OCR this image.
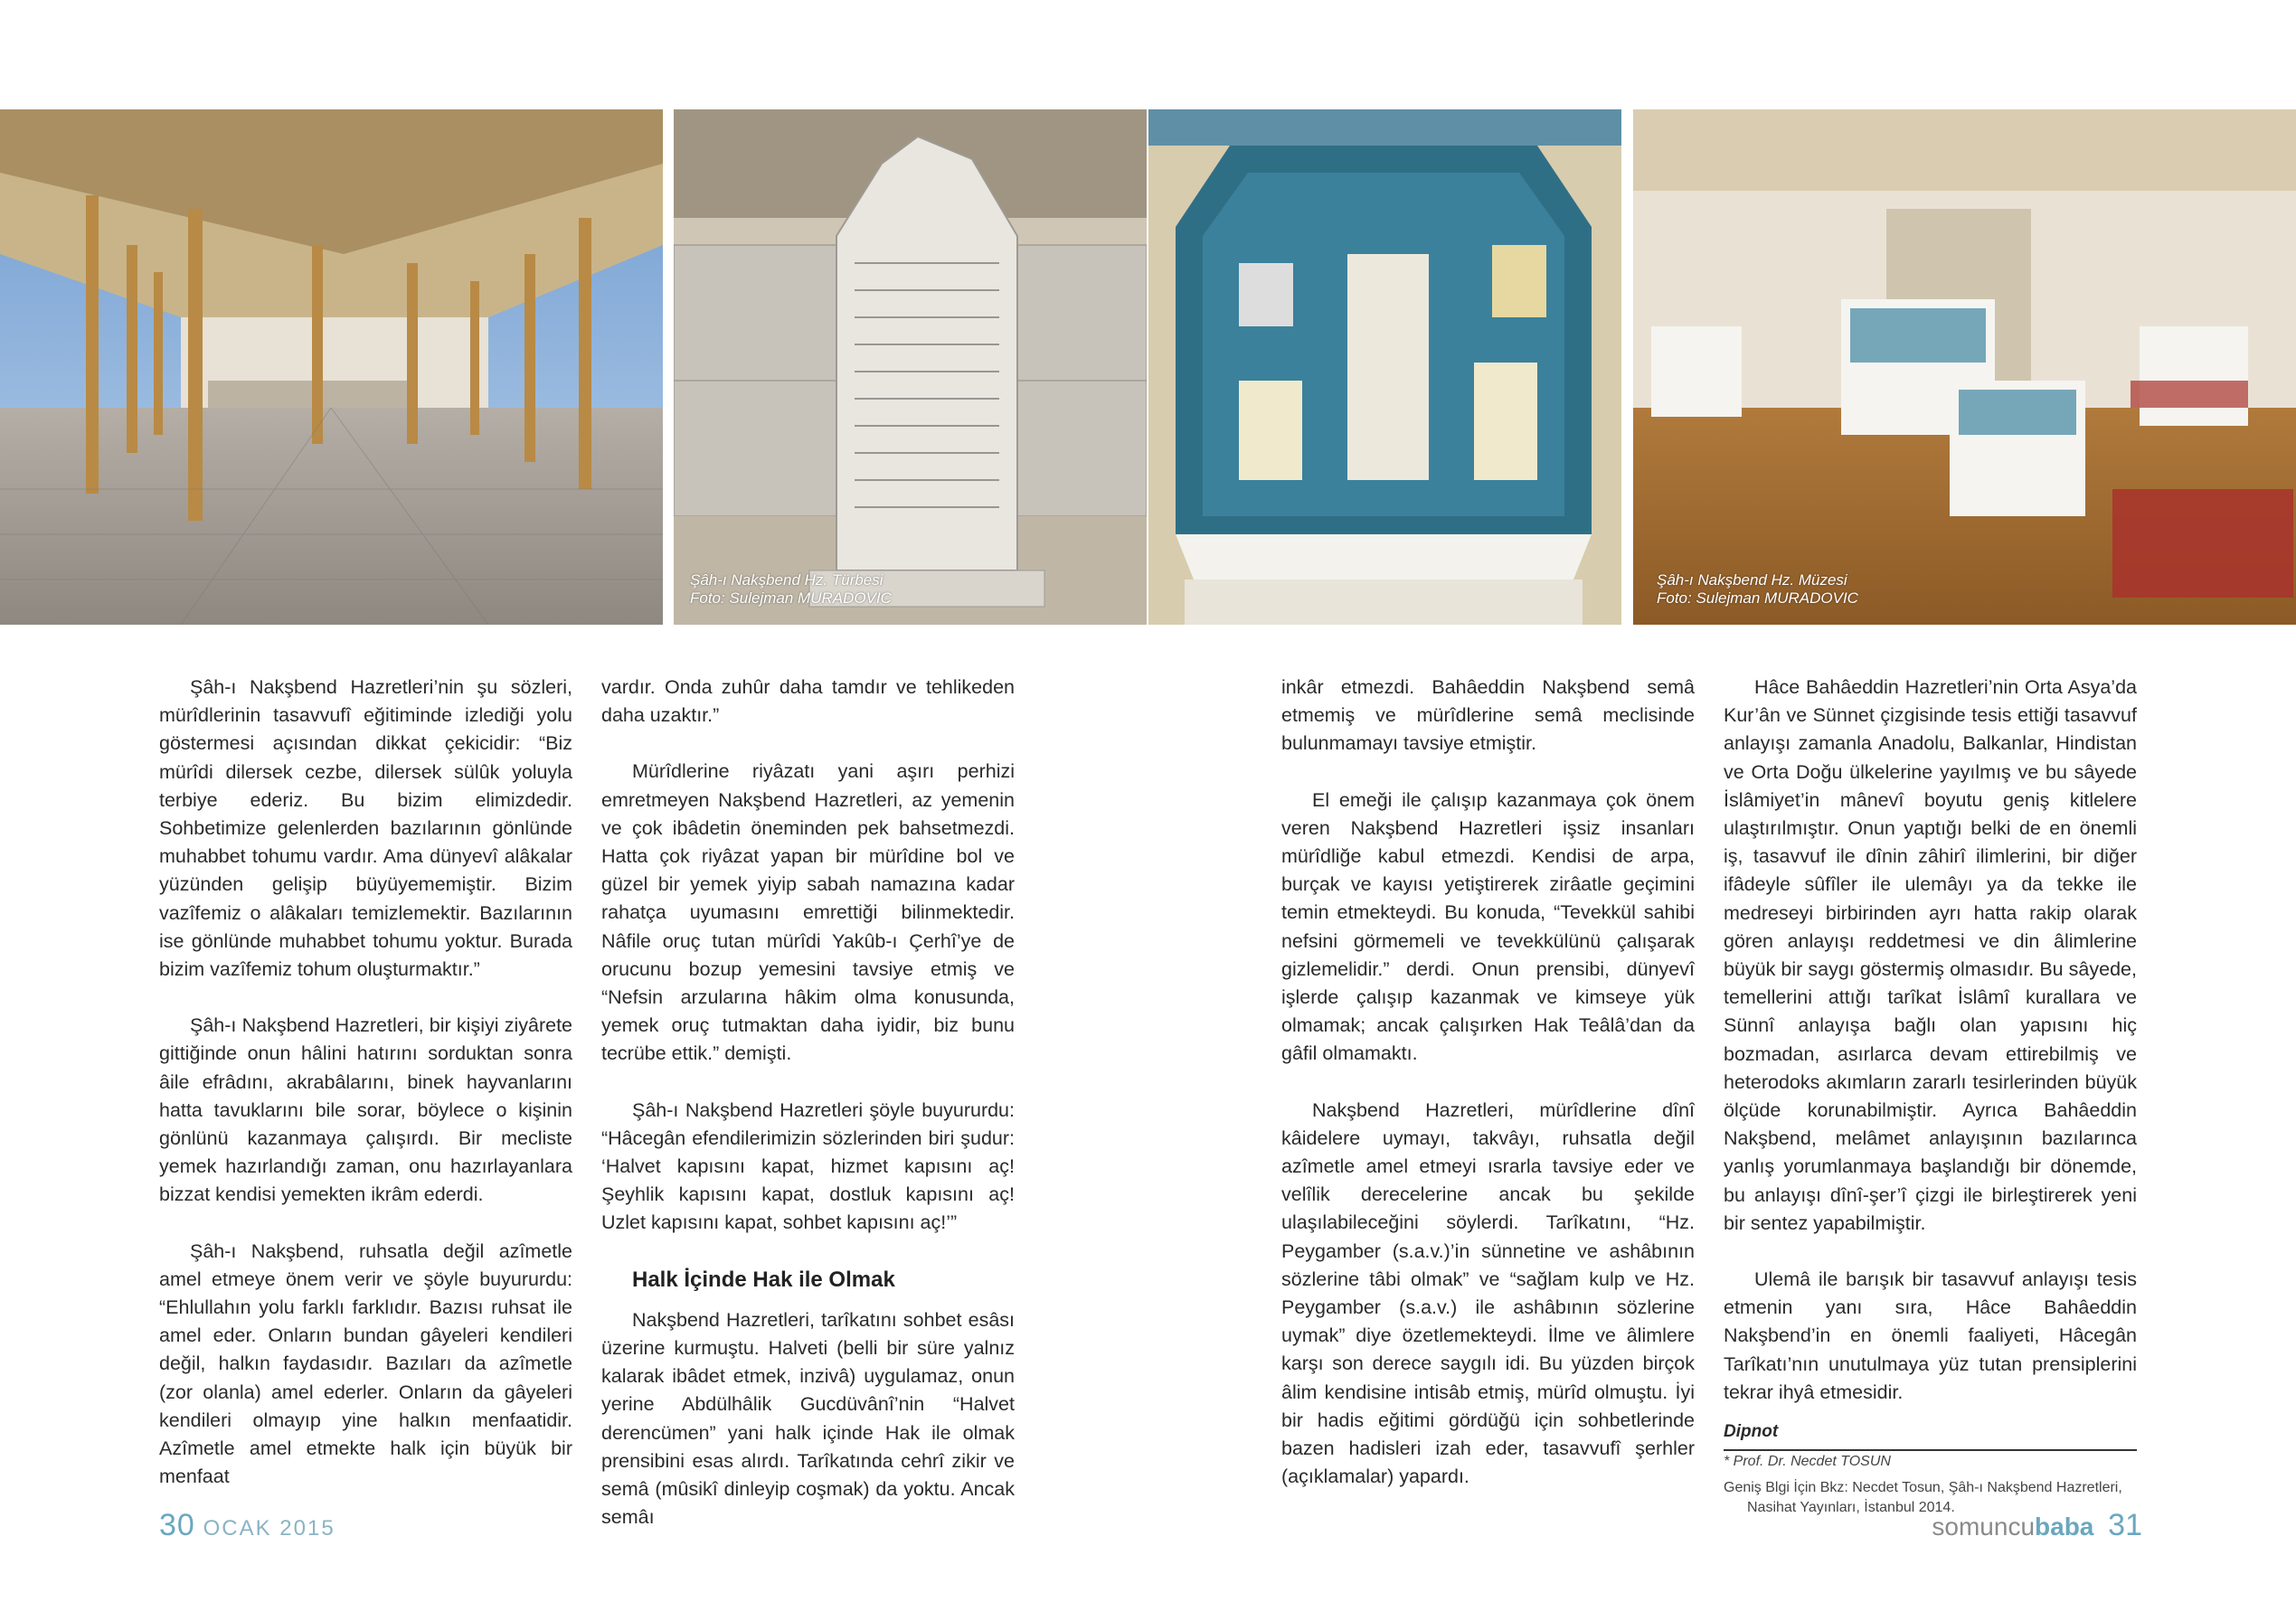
Şâh-ı Nakşbend Hz. Türbesi
Foto: Sulejman MURADOVIC
Şâh-ı Nakşbend Hz. Müzesi
Foto: Sulejman MURADOVIC

Şâh-ı Nakşbend Hazretleri’nin şu sözleri, mürîdlerinin tasavvufî eğitiminde izlediği yolu göstermesi açısından dikkat çekicidir: “Biz mürîdi dilersek cezbe, dilersek sülûk yoluyla terbiye ederiz. Bu bizim elimizdedir. Sohbetimize gelenlerden bazılarının gönlünde muhabbet tohumu vardır. Ama dünyevî alâkalar yüzünden gelişip büyüyememiştir. Bizim vazîfemiz o alâkaları temizlemektir. Bazılarının ise gönlünde muhabbet tohumu yoktur. Burada bizim vazîfemiz tohum oluşturmaktır.”

Şâh-ı Nakşbend Hazretleri, bir kişiyi ziyârete gittiğinde onun hâlini hatırını sorduktan sonra âile efrâdını, akrabâlarını, binek hayvanlarını hatta tavuklarını bile sorar, böylece o kişinin gönlünü kazanmaya çalışırdı. Bir mecliste yemek hazırlandığı zaman, onu hazırlayanlara bizzat kendisi yemekten ikrâm ederdi.

Şâh-ı Nakşbend, ruhsatla değil azîmetle amel etmeye önem verir ve şöyle buyururdu: “Ehlullahın yolu farklı farklıdır. Bazısı ruhsat ile amel eder. Onların bundan gâyeleri kendileri değil, halkın faydasıdır. Bazıları da azîmetle (zor olanla) amel ederler. Onların da gâyeleri kendileri olmayıp yine halkın menfaatidir. Azîmetle amel etmekte halk için büyük bir menfaat

vardır. Onda zuhûr daha tamdır ve tehlikeden daha uzaktır.”

Mürîdlerine riyâzatı yani aşırı perhizi emretmeyen Nakşbend Hazretleri, az yemenin ve çok ibâdetin öneminden pek bahsetmezdi. Hatta çok riyâzat yapan bir mürîdine bol ve güzel bir yemek yiyip sabah namazına kadar rahatça uyumasını emrettiği bilinmektedir. Nâfile oruç tutan mürîdi Yakûb-ı Çerhî’ye de orucunu bozup yemesini tavsiye etmiş ve “Nefsin arzularına hâkim olma konusunda, yemek oruç tutmaktan daha iyidir, biz bunu tecrübe ettik.” demişti.

Şâh-ı Nakşbend Hazretleri şöyle buyururdu: “Hâcegân efendilerimizin sözlerinden biri şudur: ‘Halvet kapısını kapat, hizmet kapısını aç! Şeyhlik kapısını kapat, dostluk kapısını aç! Uzlet kapısını kapat, sohbet kapısını aç!’”

Halk İçinde Hak ile Olmak

Nakşbend Hazretleri, tarîkatını sohbet esâsı üzerine kurmuştu. Halveti (belli bir süre yalnız kalarak ibâdet etmek, inzivâ) uygulamaz, onun yerine Abdülhâlik Gucdüvânî’nin “Halvet derencümen” yani halk içinde Hak ile olmak prensibini esas alırdı. Tarîkatında cehrî zikir ve semâ (mûsikî dinleyip coşmak) da yoktu. Ancak semâı

inkâr etmezdi. Bahâeddin Nakşbend semâ etmemiş ve mürîdlerine semâ meclisinde bulunmamayı tavsiye etmiştir.

El emeği ile çalışıp kazanmaya çok önem veren Nakşbend Hazretleri işsiz insanları mürîdliğe kabul etmezdi. Kendisi de arpa, burçak ve kayısı yetiştirerek zirâatle geçimini temin etmekteydi. Bu konuda, “Tevekkül sahibi nefsini görmemeli ve tevekkülünü çalışarak gizlemelidir.” derdi. Onun prensibi, dünyevî işlerde çalışıp kazanmak ve kimseye yük olmamak; ancak çalışırken Hak Teâlâ’dan da gâfil olmamaktı.

Nakşbend Hazretleri, mürîdlerine dînî kâidelere uymayı, takvâyı, ruhsatla değil azîmetle amel etmeyi ısrarla tavsiye eder ve velîlik derecelerine ancak bu şekilde ulaşılabileceğini söylerdi. Tarîkatını, “Hz. Peygamber (s.a.v.)’in sünnetine ve ashâbının sözlerine tâbi olmak” ve “sağlam kulp ve Hz. Peygamber (s.a.v.) ile ashâbının sözlerine uymak” diye özetlemekteydi. İlme ve âlimlere karşı son derece saygılı idi. Bu yüzden birçok âlim kendisine intisâb etmiş, mürîd olmuştu. İyi bir hadis eğitimi gördüğü için sohbetlerinde bazen hadisleri izah eder, tasavvufî şerhler (açıklamalar) yapardı.

Hâce Bahâeddin Hazretleri’nin Orta Asya’da Kur’ân ve Sünnet çizgisinde tesis ettiği tasavvuf anlayışı zamanla Anadolu, Balkanlar, Hindistan ve Orta Doğu ülkelerine yayılmış ve bu sâyede İslâmiyet’in mânevî boyutu geniş kitlelere ulaştırılmıştır. Onun yaptığı belki de en önemli iş, tasavvuf ile dînin zâhirî ilimlerini, bir diğer ifâdeyle sûfîler ile ulemâyı ya da tekke ile medreseyi birbirinden ayrı hatta rakip olarak gören anlayışı reddetmesi ve din âlimlerine büyük bir saygı göstermiş olmasıdır. Bu sâyede, temellerini attığı tarîkat İslâmî kurallara ve Sünnî anlayışa bağlı olan yapısını hiç bozmadan, asırlarca devam ettirebilmiş ve heterodoks akımların zararlı tesirlerinden büyük ölçüde korunabilmiştir. Ayrıca Bahâeddin Nakşbend, melâmet anlayışının bazılarınca yanlış yorumlanmaya başlandığı bir dönemde, bu anlayışı dînî-şer’î çizgi ile birleştirerek yeni bir sentez yapabilmiştir.

Ulemâ ile barışık bir tasavvuf anlayışı tesis etmenin yanı sıra, Hâce Bahâeddin Nakşbend’in en önemli faaliyeti, Hâcegân Tarîkatı’nın unutulmaya yüz tutan prensiplerini tekrar ihyâ etmesidir.

Dipnot
* Prof. Dr. Necdet TOSUN
Geniş Blgi İçin Bkz: Necdet Tosun, Şâh-ı Nakşbend Hazretleri, Nasihat Yayınları, İstanbul 2014.
30 OCAK 2015	somuncubaba 31
